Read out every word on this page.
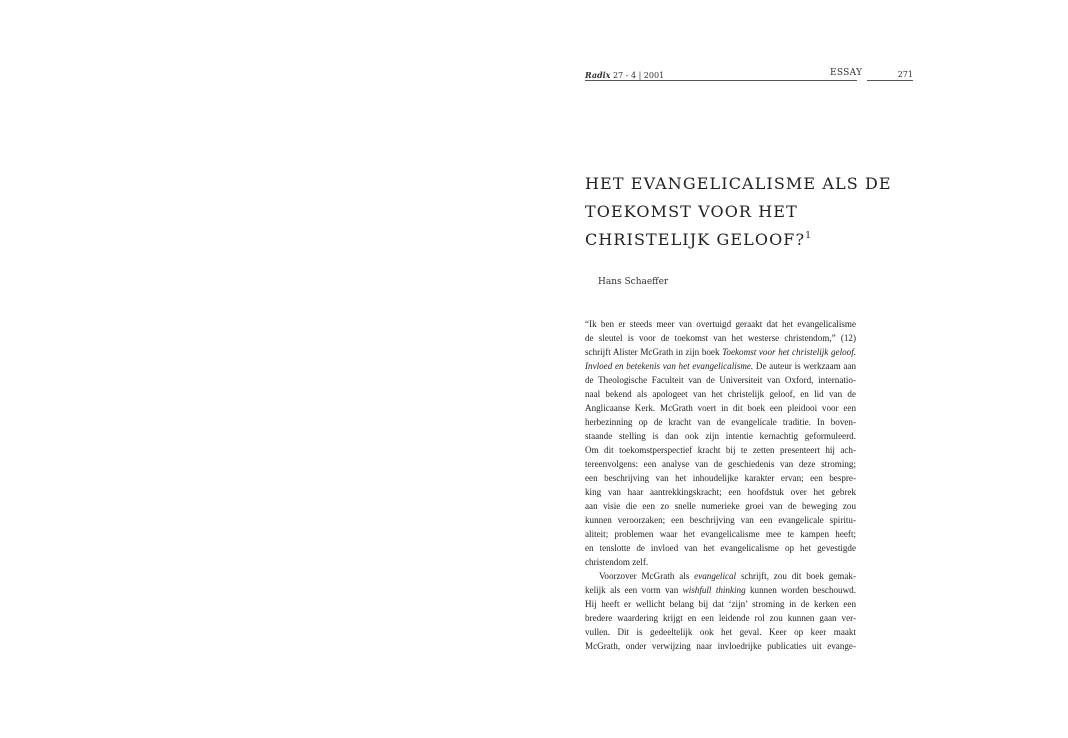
Radix 27 - 4 | 2001	ESSAY	271
HET EVANGELICALISME ALS DE
TOEKOMST VOOR HET
CHRISTELIJK GELOOF?$^1$
Hans Schaeffer
“Ik ben er steeds meer van overtuigd geraakt dat het evangelicalisme
de sleutel is voor de toekomst van het westerse christendom,” (12)
schrijft Alister McGrath in zijn boek Toekomst voor het christelijk geloof.
Invloed en betekenis van het evangelicalisme. De auteur is werkzaam aan
de Theologische Faculteit van de Universiteit van Oxford, internatio-
naal bekend als apologeet van het christelijk geloof, en lid van de
Anglicaanse Kerk. McGrath voert in dit boek een pleidooi voor een
herbezinning op de kracht van de evangelicale traditie. In boven-
staande stelling is dan ook zijn intentie kernachtig geformuleerd.
Om dit toekomstperspectief kracht bij te zetten presenteert hij ach-
tereenvolgens: een analyse van de geschiedenis van deze stroming;
een beschrijving van het inhoudelijke karakter ervan; een bespre-
king van haar aantrekkingskracht; een hoofdstuk over het gebrek
aan visie die een zo snelle numerieke groei van de beweging zou
kunnen veroorzaken; een beschrijving van een evangelicale spiritu-
aliteit; problemen waar het evangelicalisme mee te kampen heeft;
en tenslotte de invloed van het evangelicalisme op het gevestigde
christendom zelf.
Voorzover McGrath als evangelical schrijft, zou dit boek gemak-
kelijk als een vorm van wishfull thinking kunnen worden beschouwd.
Hij heeft er wellicht belang bij dat ‘zijn’ stroming in de kerken een
bredere waardering krijgt en een leidende rol zou kunnen gaan ver-
vullen. Dit is gedeeltelijk ook het geval. Keer op keer maakt
McGrath, onder verwijzing naar invloedrijke publicaties uit evange-
